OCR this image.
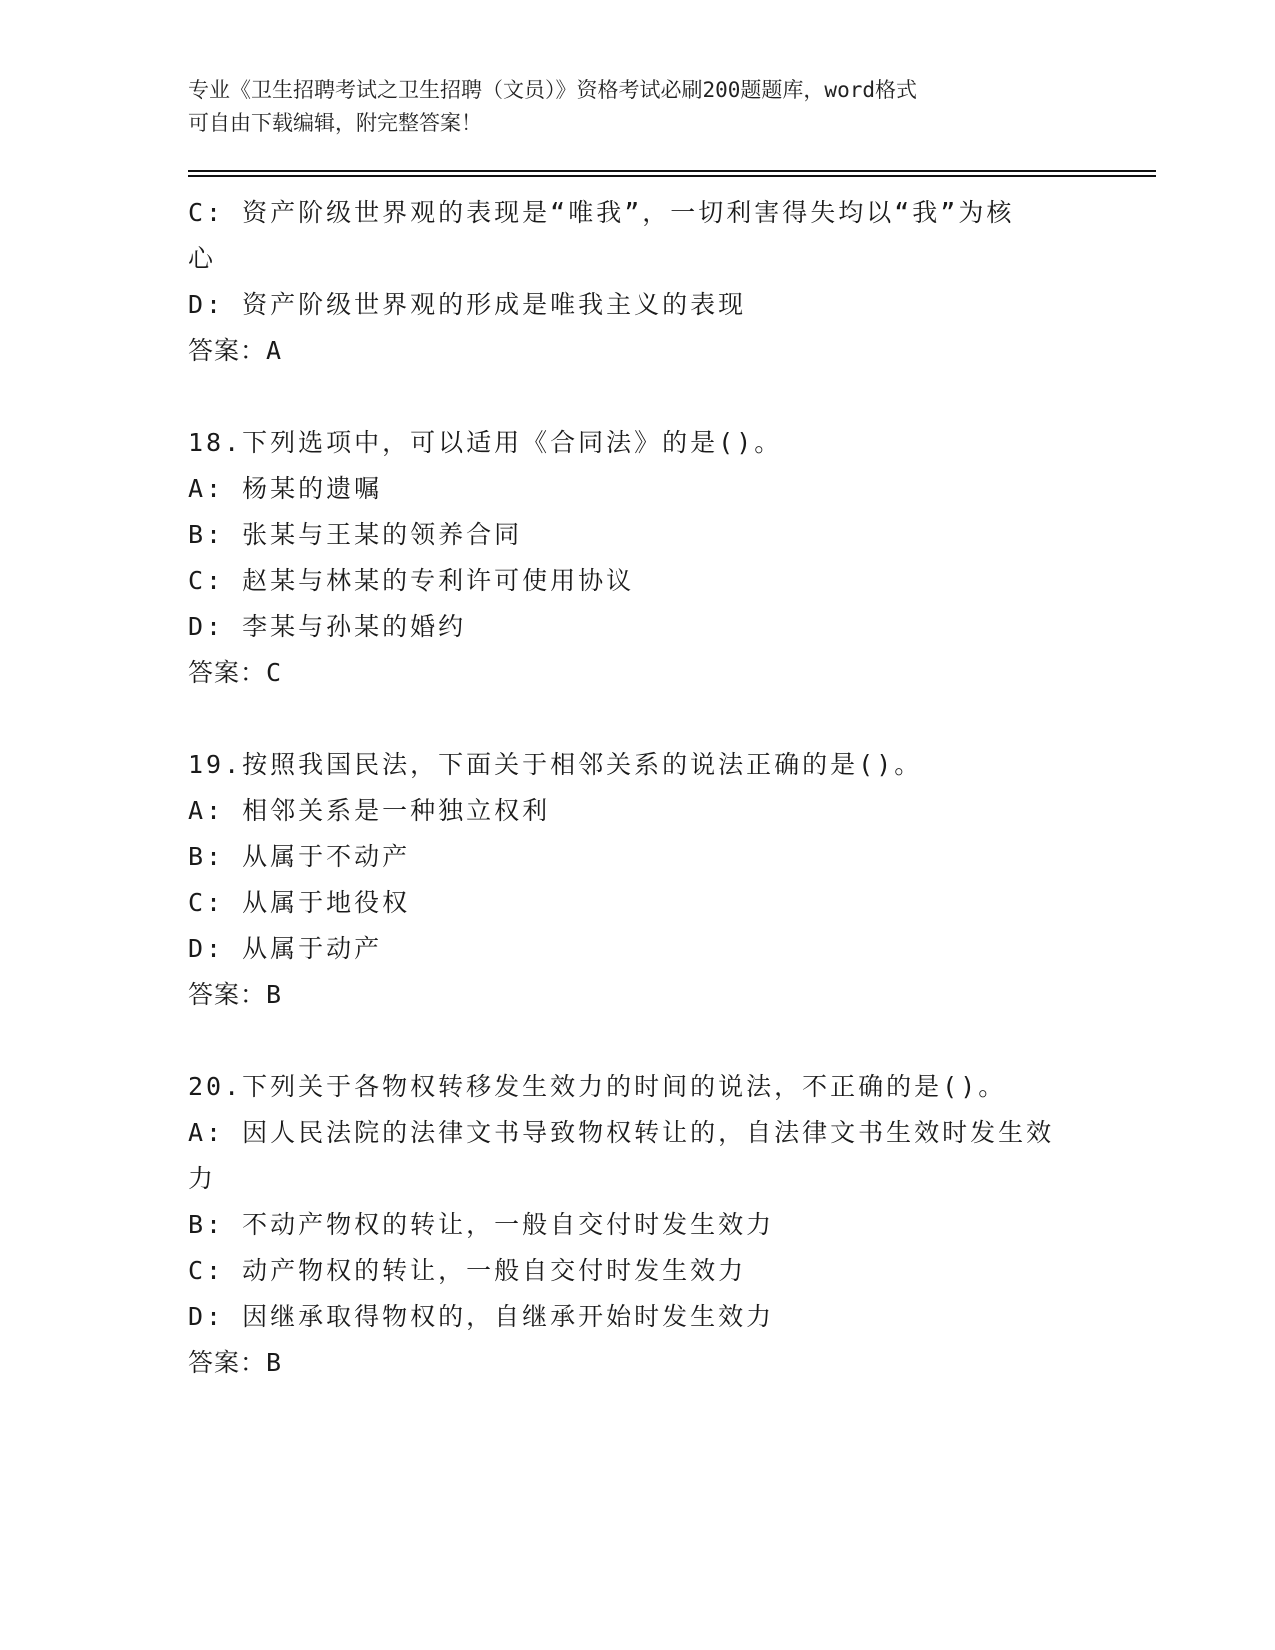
专业《卫生招聘考试之卫生招聘（文员）》资格考试必刷200题题库，word格式
可自由下载编辑，附完整答案！
C: 资产阶级世界观的表现是“唯我”，一切利害得失均以“我”为核
心
D: 资产阶级世界观的形成是唯我主义的表现
答案：A
18.下列选项中，可以适用《合同法》的是()。
A: 杨某的遗嘱
B: 张某与王某的领养合同
C: 赵某与林某的专利许可使用协议
D: 李某与孙某的婚约
答案：C
19.按照我国民法，下面关于相邻关系的说法正确的是()。
A: 相邻关系是一种独立权利
B: 从属于不动产
C: 从属于地役权
D: 从属于动产
答案：B
20.下列关于各物权转移发生效力的时间的说法，不正确的是()。
A: 因人民法院的法律文书导致物权转让的，自法律文书生效时发生效
力
B: 不动产物权的转让，一般自交付时发生效力
C: 动产物权的转让，一般自交付时发生效力
D: 因继承取得物权的，自继承开始时发生效力
答案：B
